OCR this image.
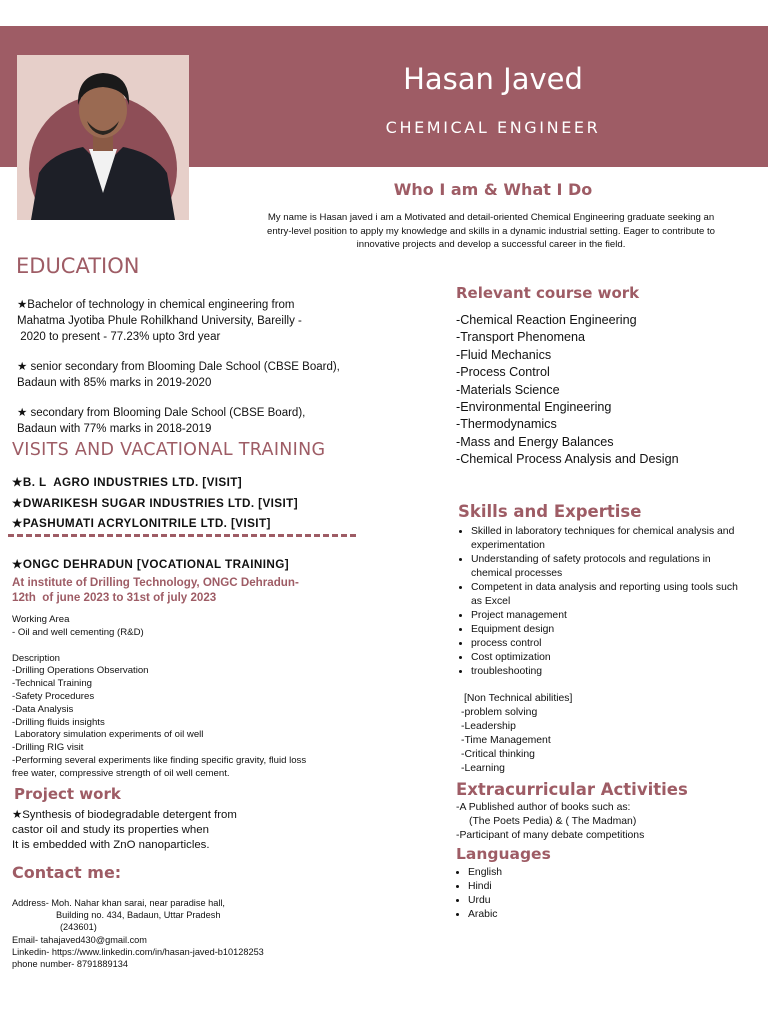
Hasan Javed
CHEMICAL ENGINEER
Who I am & What I Do
My name is Hasan javed i am a Motivated and detail-oriented Chemical Engineering graduate seeking an entry-level position to apply my knowledge and skills in a dynamic industrial setting. Eager to contribute to innovative projects and develop a successful career in the field.
EDUCATION
★Bachelor of technology in chemical engineering from
Mahatma Jyotiba Phule Rohilkhand University, Bareilly -
2020 to present - 77.23% upto 3rd year
★ senior secondary from Blooming Dale School (CBSE Board),
Badaun with 85% marks in 2019-2020
★ secondary from Blooming Dale School (CBSE Board),
Badaun with 77% marks in 2018-2019
VISITS AND VACATIONAL TRAINING
★B. L  AGRO INDUSTRIES LTD. [VISIT]
★DWARIKESH SUGAR INDUSTRIES LTD. [VISIT]
★PASHUMATI ACRYLONITRILE LTD. [VISIT]
★ONGC DEHRADUN [VOCATIONAL TRAINING]
At institute of Drilling Technology, ONGC Dehradun-
12th  of june 2023 to 31st of july 2023
Working Area
- Oil and well cementing (R&D)
Description
-Drilling Operations Observation
-Technical Training
-Safety Procedures
-Data Analysis
-Drilling fluids insights
Laboratory simulation experiments of oil well
-Drilling RIG visit
-Performing several experiments like finding specific gravity, fluid loss
free water, compressive strength of oil well cement.
Project work
★Synthesis of biodegradable detergent from
castor oil and study its properties when
It is embedded with ZnO nanoparticles.
Contact me:
Address- Moh. Nahar khan sarai, near paradise hall,
Building no. 434, Badaun, Uttar Pradesh
(243601)
Email- tahajaved430@gmail.com
Linkedin- https://www.linkedin.com/in/hasan-javed-b10128253
phone number- 8791889134
Relevant course work
-Chemical Reaction Engineering
-Transport Phenomena
-Fluid Mechanics
-Process Control
-Materials Science
-Environmental Engineering
-Thermodynamics
-Mass and Energy Balances
-Chemical Process Analysis and Design
Skills and Expertise
• Skilled in laboratory techniques for chemical analysis and experimentation
• Understanding of safety protocols and regulations in chemical processes
• Competent in data analysis and reporting using tools such as Excel
• Project management
• Equipment design
• process control
• Cost optimization
• troubleshooting
[Non Technical abilities]
-problem solving
-Leadership
-Time Management
-Critical thinking
-Learning
Extracurricular Activities
-A Published author of books such as:
(The Poets Pedia) & ( The Madman)
-Participant of many debate competitions
Languages
• English
• Hindi
• Urdu
• Arabic
